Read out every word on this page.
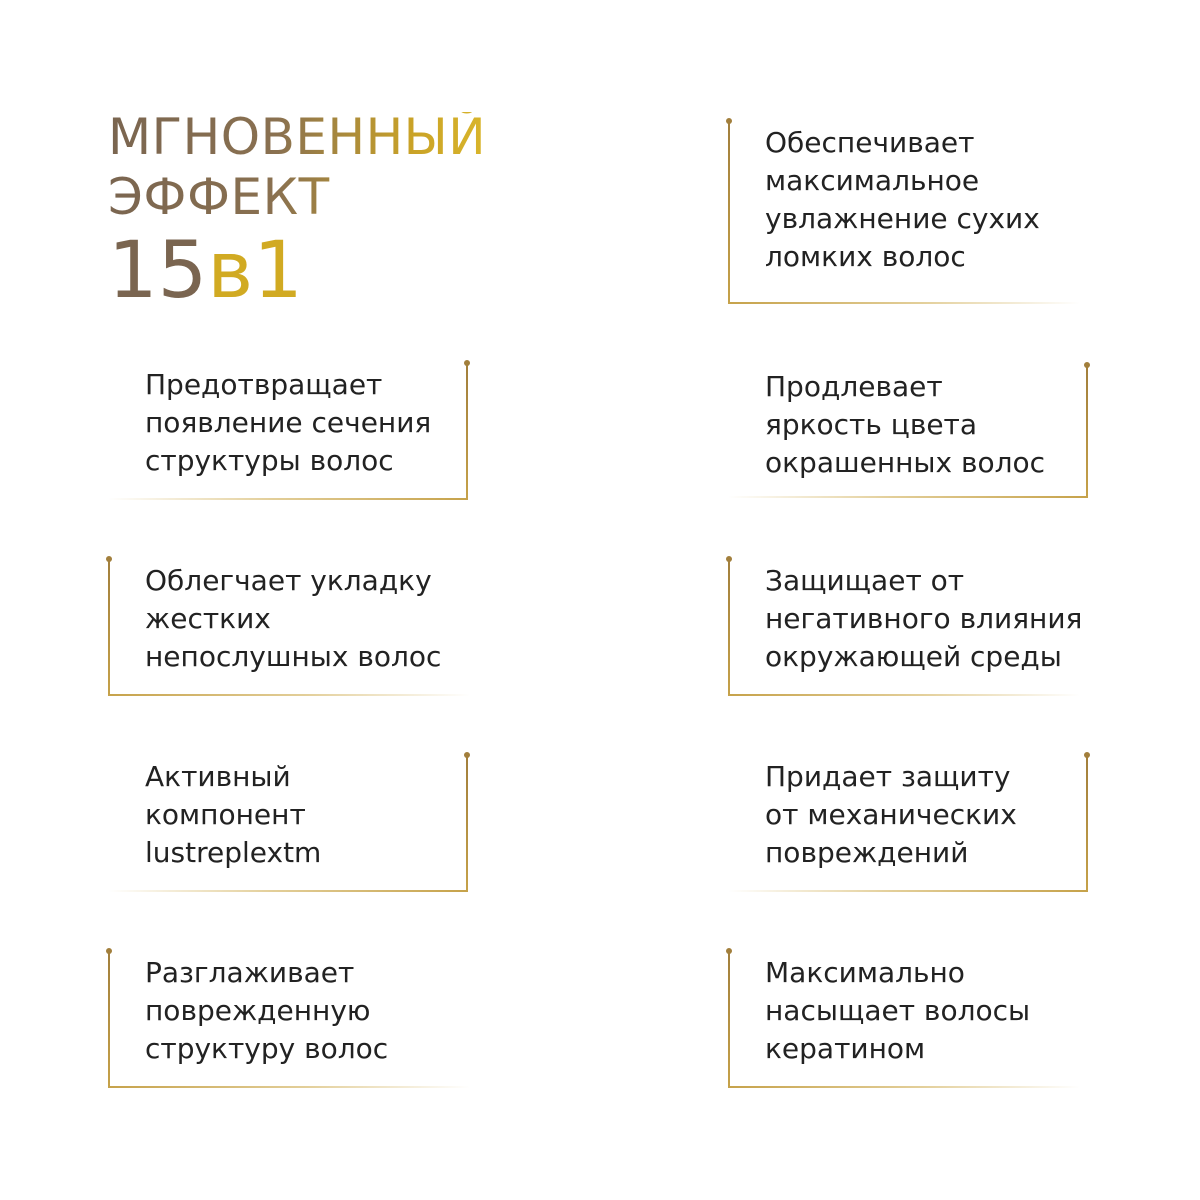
МГНОВЕННЫЙ
ЭФФЕКТ
15в1
Обеспечивает
максимальное
увлажнение сухих
ломких волос
Предотвращает
появление сечения
структуры волос
Продлевает
яркость цвета
окрашенных волос
Облегчает укладку
жестких
непослушных волос
Защищает от
негативного влияния
окружающей среды
Активный
компонент
lustreplextm
Придает защиту
от механических
повреждений
Разглаживает
поврежденную
структуру волос
Максимально
насыщает волосы
кератином
